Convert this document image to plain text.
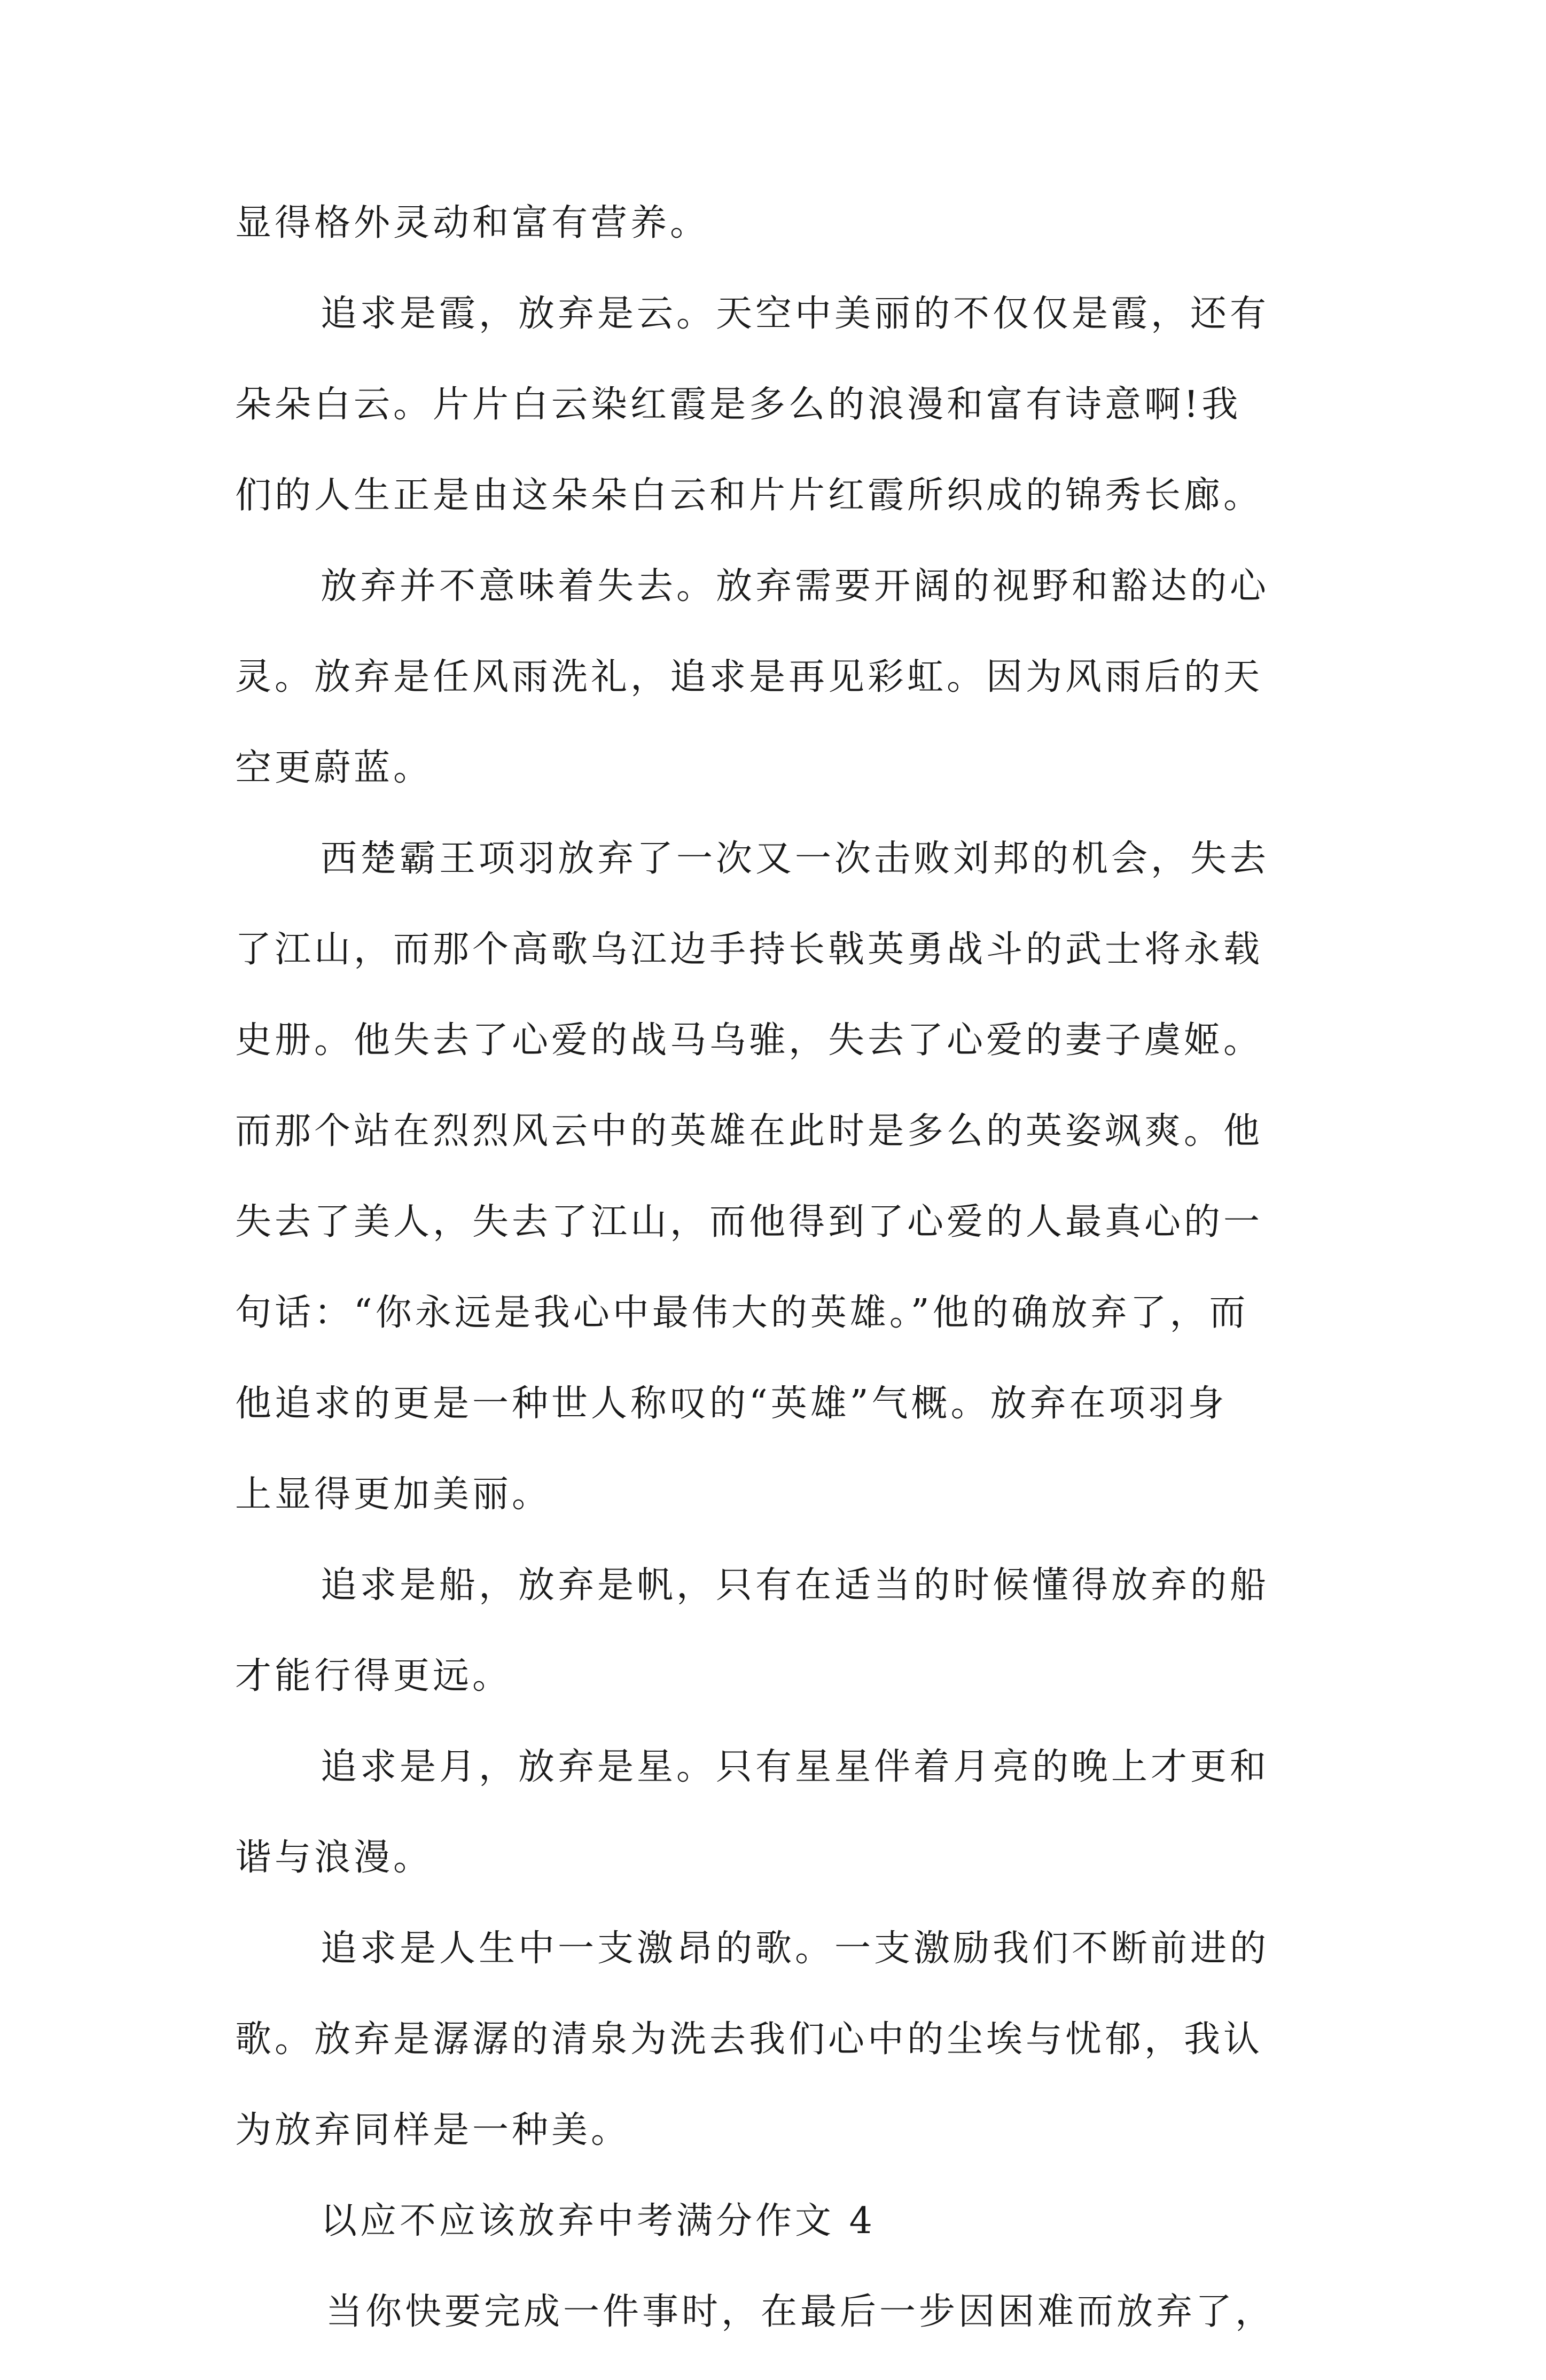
显得格外灵动和富有营养。
追求是霞，放弃是云。天空中美丽的不仅仅是霞，还有
朵朵白云。片片白云染红霞是多么的浪漫和富有诗意啊!我
们的人生正是由这朵朵白云和片片红霞所织成的锦秀长廊。
放弃并不意味着失去。放弃需要开阔的视野和豁达的心
灵。放弃是任风雨洗礼，追求是再见彩虹。因为风雨后的天
空更蔚蓝。
西楚霸王项羽放弃了一次又一次击败刘邦的机会，失去
了江山，而那个高歌乌江边手持长戟英勇战斗的武士将永载
史册。他失去了心爱的战马乌骓，失去了心爱的妻子虞姬。
而那个站在烈烈风云中的英雄在此时是多么的英姿飒爽。他
失去了美人，失去了江山，而他得到了心爱的人最真心的一
句话：“你永远是我心中最伟大的英雄。”他的确放弃了，而
他追求的更是一种世人称叹的“英雄”气概。放弃在项羽身
上显得更加美丽。
追求是船，放弃是帆，只有在适当的时候懂得放弃的船
才能行得更远。
追求是月，放弃是星。只有星星伴着月亮的晚上才更和
谐与浪漫。
追求是人生中一支激昂的歌。一支激励我们不断前进的
歌。放弃是潺潺的清泉为洗去我们心中的尘埃与忧郁，我认
为放弃同样是一种美。
以应不应该放弃中考满分作文 4
当你快要完成一件事时，在最后一步因困难而放弃了，
